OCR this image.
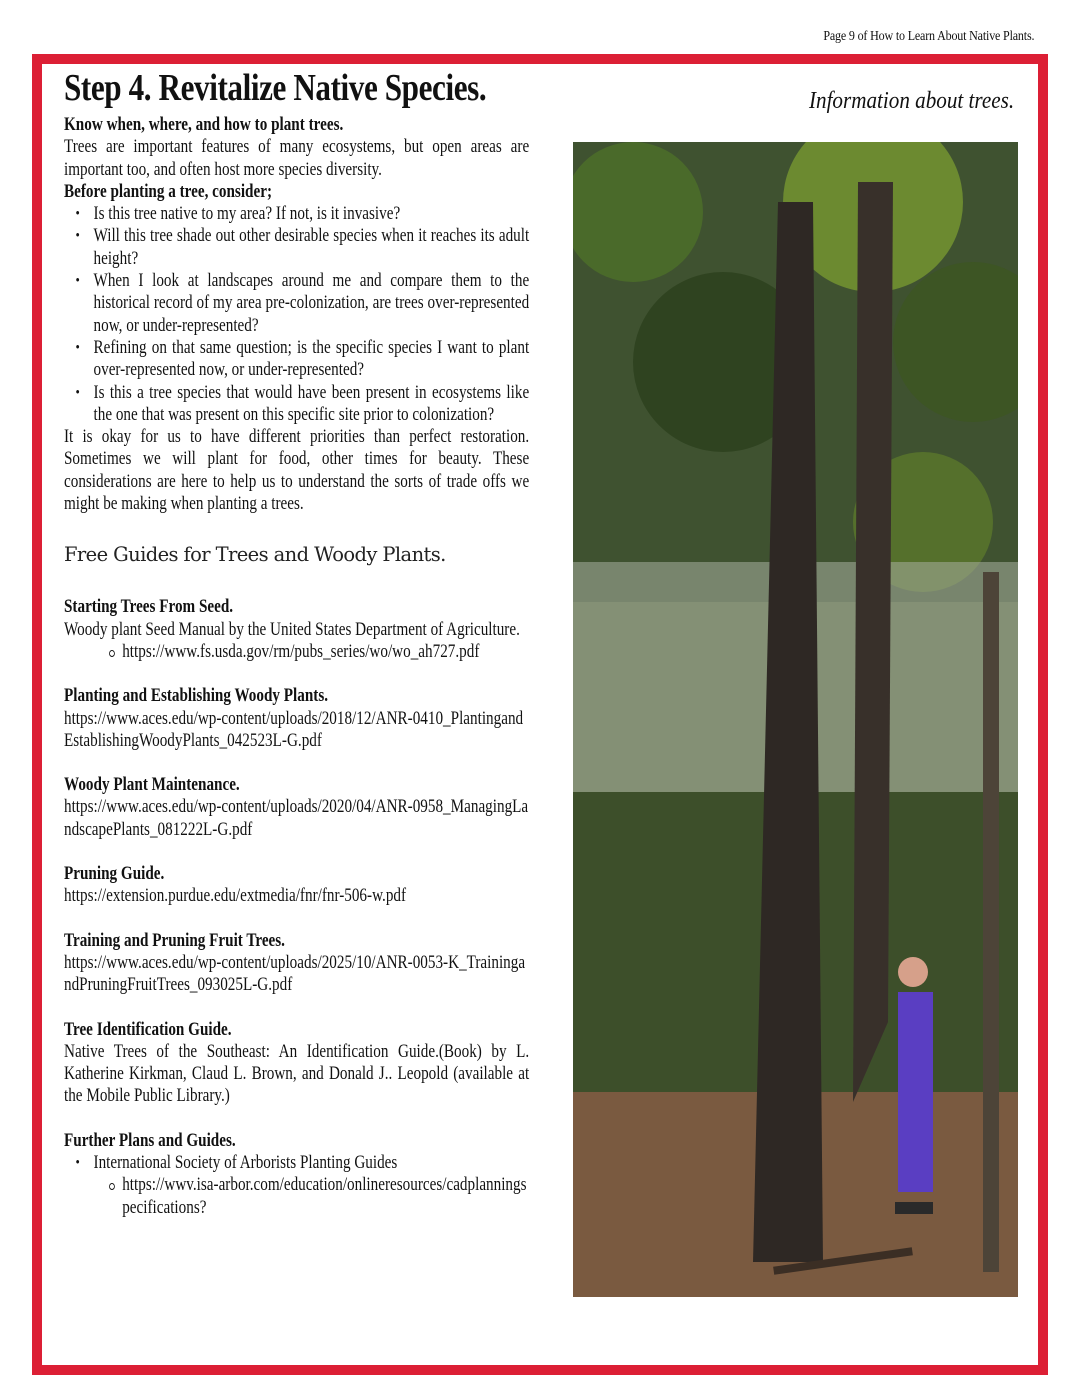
Page 9 of How to Learn About Native Plants.
Step 4. Revitalize Native Species.

Know when, where, and how to plant trees.

Trees are important features of many ecosystems, but open areas are important too, and often host more species diversity.

Before planting a tree, consider;

• Is this tree native to my area? If not, is it invasive?
• Will this tree shade out other desirable species when it reaches its adult height?
• When I look at landscapes around me and compare them to the historical record of my area pre-colonization, are trees over-represented now, or under-represented?
• Refining on that same question; is the specific species I want to plant over-represented now, or under-represented?
• Is this a tree species that would have been present in ecosystems like the one that was present on this specific site prior to colonization?

It is okay for us to have different priorities than perfect restoration. Sometimes we will plant for food, other times for beauty. These considerations are here to help us to understand the sorts of trade offs we might be making when planting a trees.

Free Guides for Trees and Woody Plants.

Starting Trees From Seed.

Woody plant Seed Manual by the United States Department of Agriculture.

https://www.fs.usda.gov/rm/pubs_series/wo/wo_ah727.pdf

Planting and Establishing Woody Plants.

https://www.aces.edu/wp-content/uploads/2018/12/ANR-0410_PlantingandEstablishingWoodyPlants_042523L-G.pdf

Woody Plant Maintenance.

https://www.aces.edu/wp-content/uploads/2020/04/ANR-0958_ManagingLandscapePlants_081222L-G.pdf

Pruning Guide.

https://extension.purdue.edu/extmedia/fnr/fnr-506-w.pdf

Training and Pruning Fruit Trees.

https://www.aces.edu/wp-content/uploads/2025/10/ANR-0053-K_TrainingandPruningFruitTrees_093025L-G.pdf

Tree Identification Guide.

Native Trees of the Southeast: An Identification Guide.(Book) by L. Katherine Kirkman, Claud L. Brown, and Donald J.. Leopold (available at the Mobile Public Library.)

Further Plans and Guides.

• International Society of Arborists Planting Guides
https://wwv.isa-arbor.com/education/onlineresources/cadplanningspecifications?
Information about trees.
